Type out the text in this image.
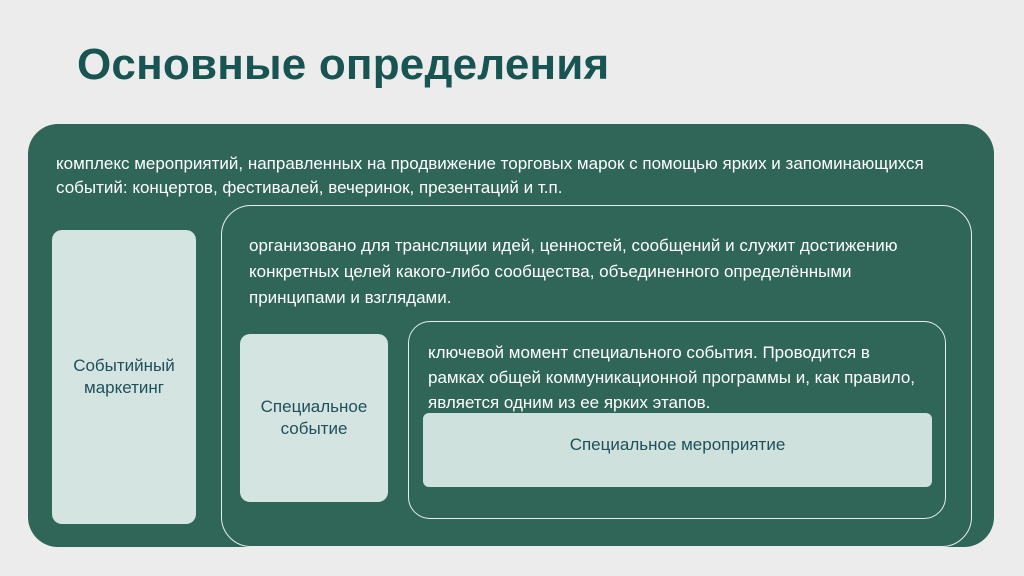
Основные определения
комплекс мероприятий, направленных на продвижение торговых марок с помощью ярких и запоминающихся событий: концертов, фестивалей, вечеринок, презентаций и т.п.
Событийный маркетинг
организовано для трансляции идей, ценностей, сообщений и служит достижению конкретных целей какого-либо сообщества, объединенного определёнными принципами и взглядами.
Специальное событие
ключевой момент специального события. Проводится в рамках общей коммуникационной программы и, как правило, является одним из ее ярких этапов.
Специальное мероприятие
